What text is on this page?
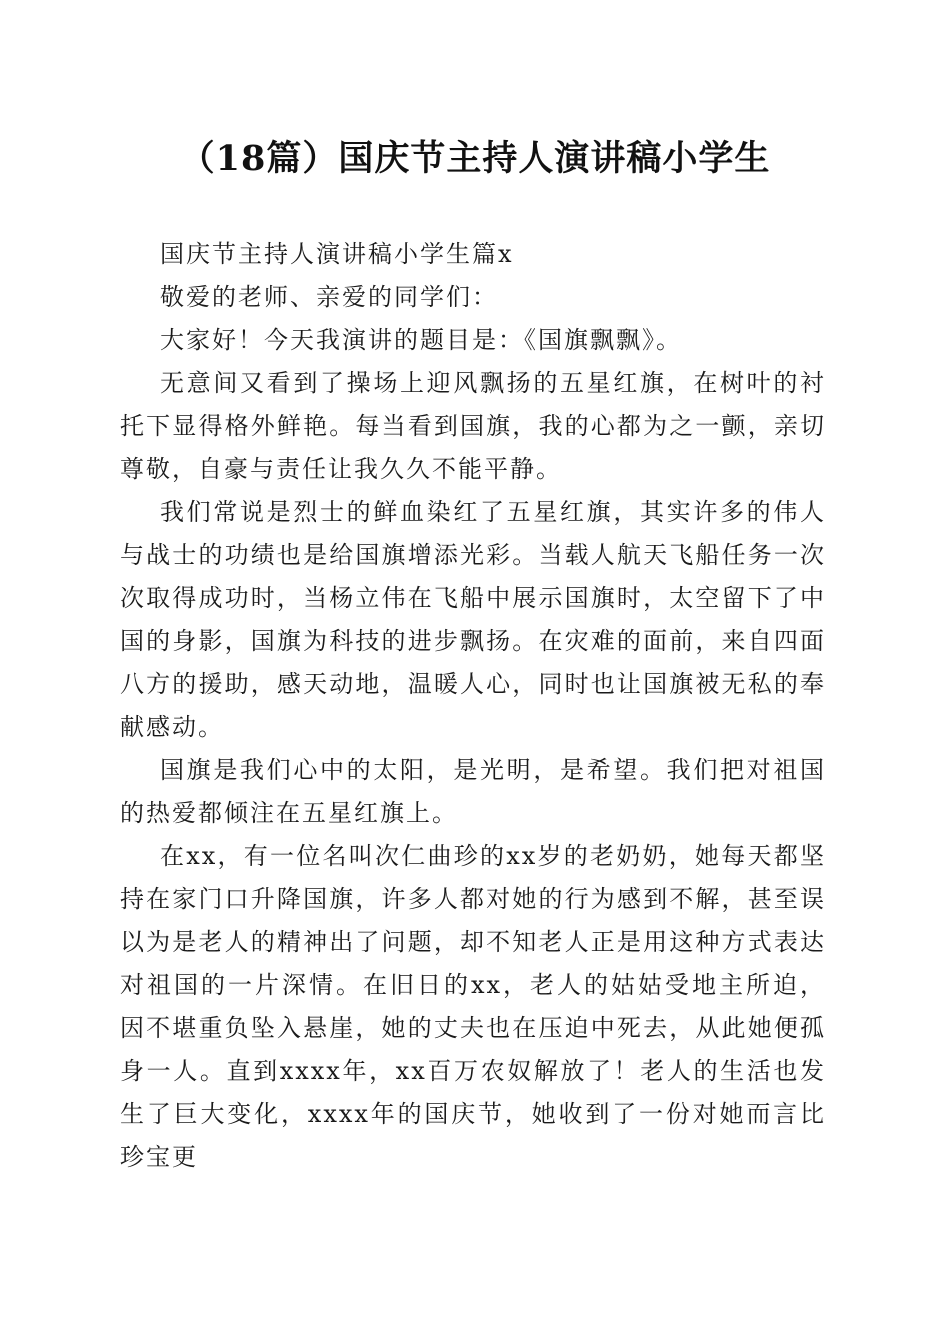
（18篇）国庆节主持人演讲稿小学生

国庆节主持人演讲稿小学生篇x

敬爱的老师、亲爱的同学们：

大家好！今天我演讲的题目是：《国旗飘飘》。

无意间又看到了操场上迎风飘扬的五星红旗，在树叶的衬托下显得格外鲜艳。每当看到国旗，我的心都为之一颤，亲切尊敬，自豪与责任让我久久不能平静。

我们常说是烈士的鲜血染红了五星红旗，其实许多的伟人与战士的功绩也是给国旗增添光彩。当载人航天飞船任务一次次取得成功时，当杨立伟在飞船中展示国旗时，太空留下了中国的身影，国旗为科技的进步飘扬。在灾难的面前，来自四面八方的援助，感天动地，温暖人心，同时也让国旗被无私的奉献感动。

国旗是我们心中的太阳，是光明，是希望。我们把对祖国的热爱都倾注在五星红旗上。

在xx，有一位名叫次仁曲珍的xx岁的老奶奶，她每天都坚持在家门口升降国旗，许多人都对她的行为感到不解，甚至误以为是老人的精神出了问题，却不知老人正是用这种方式表达对祖国的一片深情。在旧日的xx，老人的姑姑受地主所迫，因不堪重负坠入悬崖，她的丈夫也在压迫中死去，从此她便孤身一人。直到xxxx年，xx百万农奴解放了！老人的生活也发生了巨大变化，xxxx年的国庆节，她收到了一份对她而言比珍宝更
